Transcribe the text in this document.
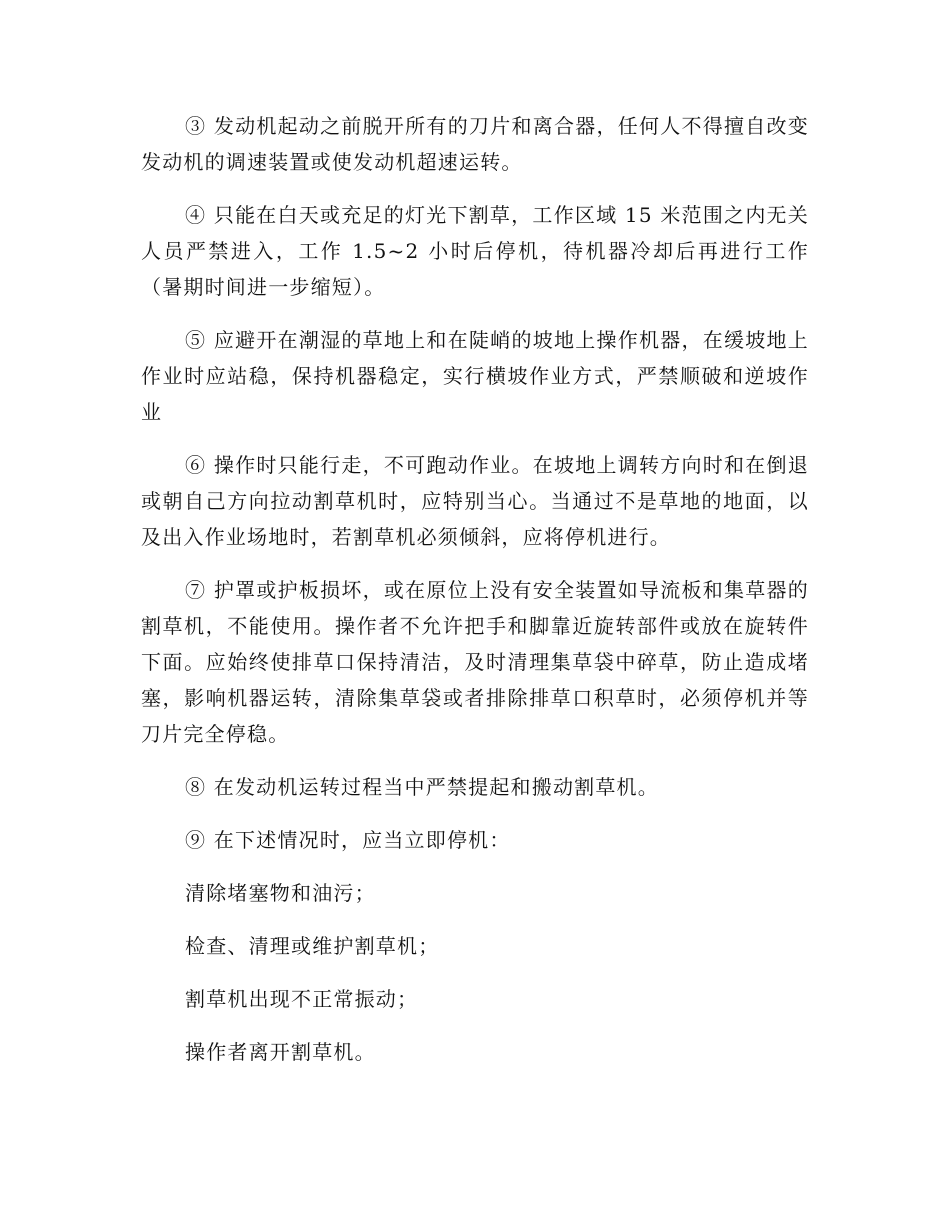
③ 发动机起动之前脱开所有的刀片和离合器，任何人不得擅自改变发动机的调速装置或使发动机超速运转。

④ 只能在白天或充足的灯光下割草，工作区域 15 米范围之内无关人员严禁进入，工作 1.5~2 小时后停机，待机器冷却后再进行工作（暑期时间进一步缩短）。

⑤ 应避开在潮湿的草地上和在陡峭的坡地上操作机器，在缓坡地上作业时应站稳，保持机器稳定，实行横坡作业方式，严禁顺破和逆坡作业

⑥ 操作时只能行走，不可跑动作业。在坡地上调转方向时和在倒退或朝自己方向拉动割草机时，应特别当心。当通过不是草地的地面，以及出入作业场地时，若割草机必须倾斜，应将停机进行。

⑦ 护罩或护板损坏，或在原位上没有安全装置如导流板和集草器的割草机，不能使用。操作者不允许把手和脚靠近旋转部件或放在旋转件下面。应始终使排草口保持清洁，及时清理集草袋中碎草，防止造成堵塞，影响机器运转，清除集草袋或者排除排草口积草时，必须停机并等刀片完全停稳。

⑧ 在发动机运转过程当中严禁提起和搬动割草机。

⑨ 在下述情况时，应当立即停机：

清除堵塞物和油污；

检查、清理或维护割草机；

割草机出现不正常振动；

操作者离开割草机。
